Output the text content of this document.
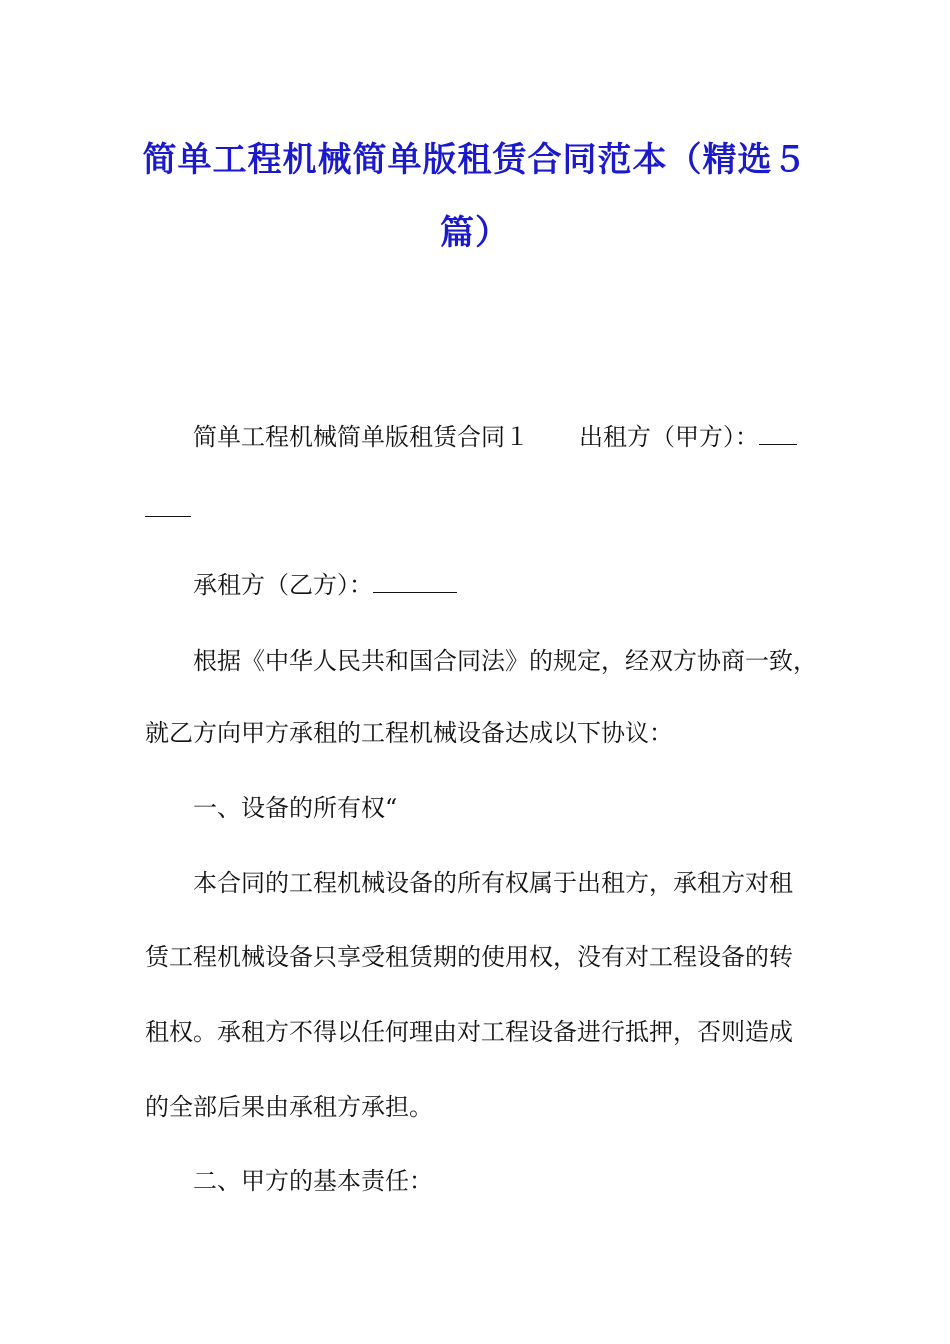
简单工程机械简单版租赁合同范本（精选５
篇）

简单工程机械简单版租赁合同１ 出租方（甲方）：

承租方（乙方）：

根据《中华人民共和国合同法》的规定，经双方协商一致，

就乙方向甲方承租的工程机械设备达成以下协议：

一、设备的所有权“

本合同的工程机械设备的所有权属于出租方，承租方对租

赁工程机械设备只享受租赁期的使用权，没有对工程设备的转

租权。承租方不得以任何理由对工程设备进行抵押，否则造成

的全部后果由承租方承担。

二、甲方的基本责任：
